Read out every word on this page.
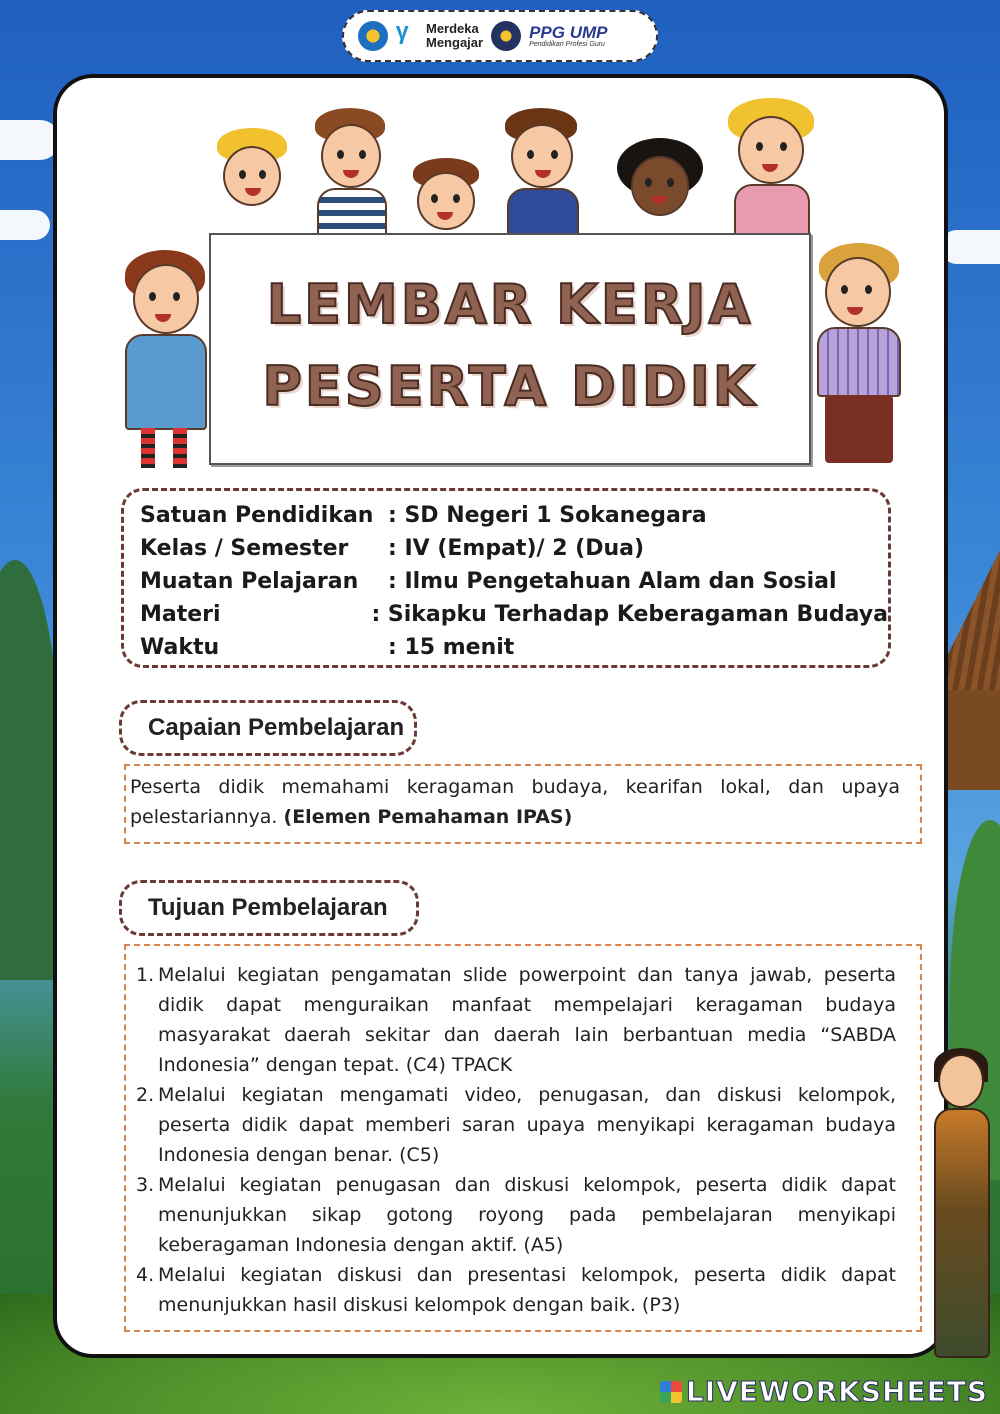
ᵞ	Merdeka
Mengajar
PPG UMP
Pendidikan Profesi Guru
LEMBAR KERJA
PESERTA DIDIK
Satuan Pendidikan : SD Negeri 1 Sokanegara
Kelas / Semester	: IV (Empat)/ 2 (Dua)
Muatan Pelajaran	: Ilmu Pengetahuan Alam dan Sosial
Materi	: Sikapku Terhadap Keberagaman Budaya
Waktu	: 15 menit
Capaian Pembelajaran

Peserta didik memahami keragaman budaya, kearifan lokal, dan upaya pelestariannya. (Elemen Pemahaman IPAS)

Tujuan Pembelajaran
1. Melalui kegiatan pengamatan slide powerpoint dan tanya jawab, peserta didik dapat menguraikan manfaat mempelajari keragaman budaya masyarakat daerah sekitar dan daerah lain berbantuan media “SABDA Indonesia” dengan tepat. (C4) TPACK
2. Melalui kegiatan mengamati video, penugasan, dan diskusi kelompok, peserta didik dapat memberi saran upaya menyikapi keragaman budaya Indonesia dengan benar. (C5)
3. Melalui kegiatan penugasan dan diskusi kelompok, peserta didik dapat menunjukkan sikap gotong royong pada pembelajaran menyikapi keberagaman Indonesia dengan aktif. (A5)
4. Melalui kegiatan diskusi dan presentasi kelompok, peserta didik dapat menunjukkan hasil diskusi kelompok dengan baik. (P3)
LIVEWORKSHEETS
